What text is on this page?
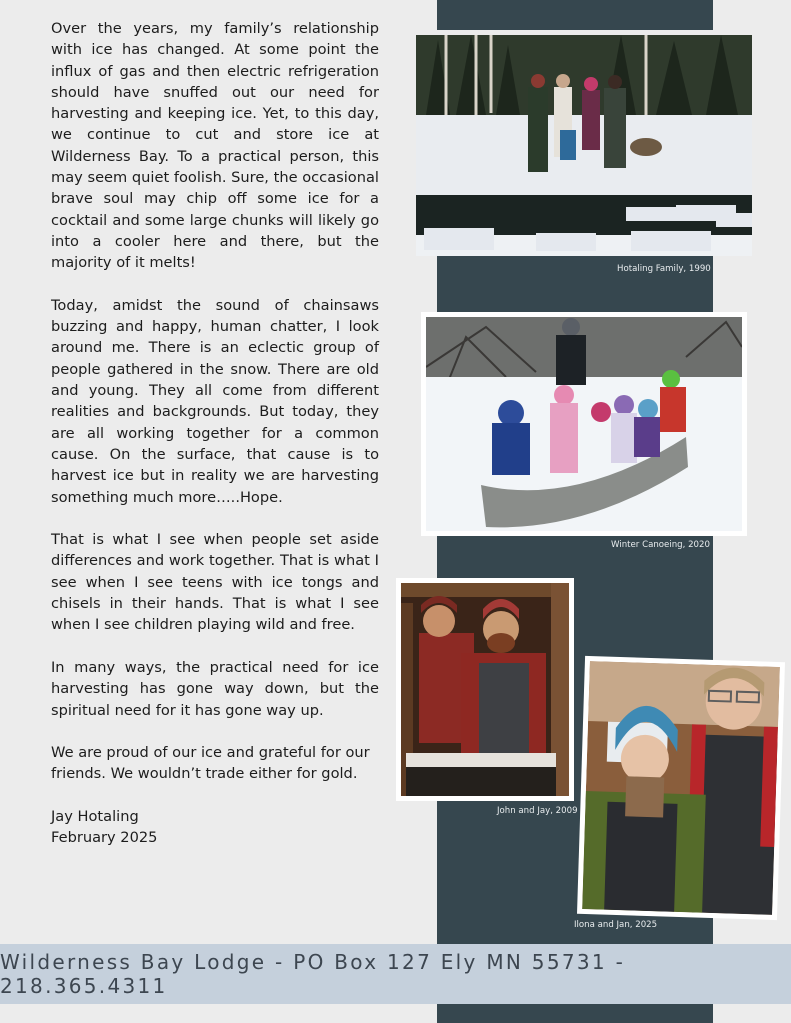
Over the years, my family’s relationship with ice has changed. At some point the influx of gas and then electric refrigeration should have snuffed out our need for harvesting and keeping ice. Yet, to this day, we continue to cut and store ice at Wilderness Bay. To a practical person, this may seem quiet foolish. Sure, the occasional brave soul may chip off some ice for a cocktail and some large chunks will likely go into a cooler here and there, but the majority of it melts!

Today, amidst the sound of chainsaws buzzing and happy, human chatter, I look around me. There is an eclectic group of people gathered in the snow. There are old and young. They all come from different realities and backgrounds. But today, they are all working together for a common cause. On the surface, that cause is to harvest ice but in reality we are harvesting something much more…..Hope.

That is what I see when people set aside differences and work together. That is what I see when I see teens with ice tongs and chisels in their hands. That is what I see when I see children playing wild and free.

In many ways, the practical need for ice harvesting has gone way down, but the spiritual need for it has gone way up.

We are proud of our ice and grateful for our friends. We wouldn’t trade either for gold.

Jay Hotaling
February 2025
Hotaling Family, 1990
Winter Canoeing, 2020
John and Jay, 2009
Ilona and Jan, 2025
Wilderness Bay Lodge - PO Box 127 Ely MN 55731 - 218.365.4311
